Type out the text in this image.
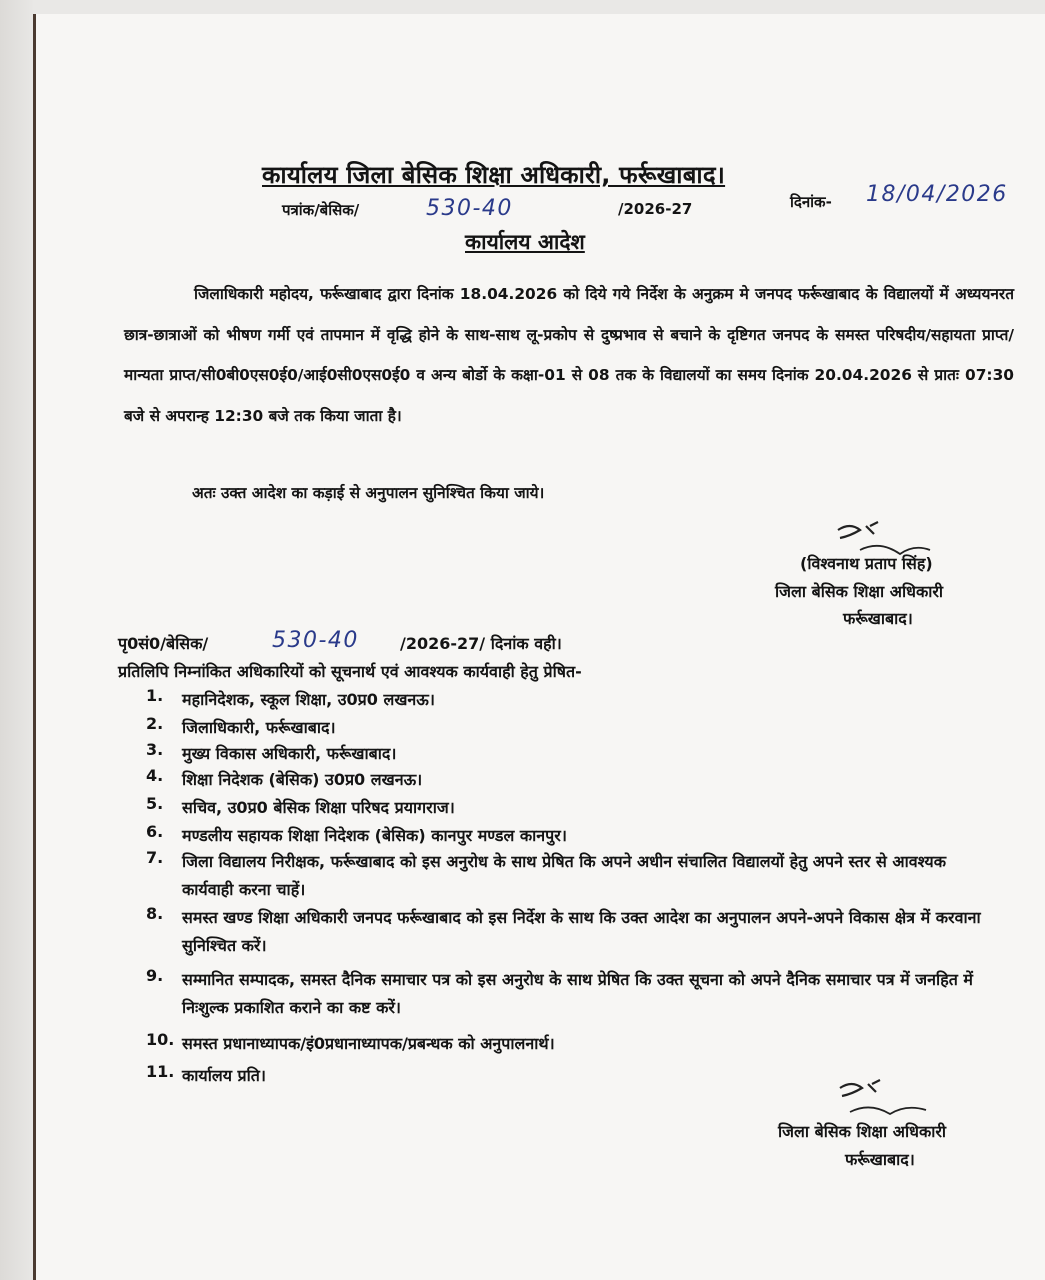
कार्यालय जिला बेसिक शिक्षा अधिकारी, फर्रूखाबाद।
पत्रांक/बेसिक/	530-40	/2026-27	दिनांक- 18/04/2026
कार्यालय आदेश
जिलाधिकारी महोदय, फर्रूखाबाद द्वारा दिनांक 18.04.2026 को दिये गये निर्देश के अनुक्रम मे जनपद फर्रूखाबाद के विद्यालयों में अध्ययनरत छात्र-छात्राओं को भीषण गर्मी एवं तापमान में वृद्धि होने के साथ-साथ लू-प्रकोप से दुष्प्रभाव से बचाने के दृष्टिगत जनपद के समस्त परिषदीय/सहायता प्राप्त/मान्यता प्राप्त/सी0बी0एस0ई0/आई0सी0एस0ई0 व अन्य बोर्डो के कक्षा-01 से 08 तक के विद्यालयों का समय दिनांक 20.04.2026 से प्रातः 07:30 बजे से अपरान्ह 12:30 बजे तक किया जाता है।
अतः उक्त आदेश का कड़ाई से अनुपालन सुनिश्चित किया जाये।
(विश्वनाथ प्रताप सिंह)
जिला बेसिक शिक्षा अधिकारी
फर्रूखाबाद।
पृ0सं0/बेसिक/	530-40	/2026-27/ दिनांक वही।
प्रतिलिपि निम्नांकित अधिकारियों को सूचनार्थ एवं आवश्यक कार्यवाही हेतु प्रेषित-
1.	महानिदेशक, स्कूल शिक्षा, उ0प्र0 लखनऊ।
2.	जिलाधिकारी, फर्रूखाबाद।
3.	मुख्य विकास अधिकारी, फर्रूखाबाद।
4.	शिक्षा निदेशक (बेसिक) उ0प्र0 लखनऊ।
5.	सचिव, उ0प्र0 बेसिक शिक्षा परिषद प्रयागराज।
6.	मण्डलीय सहायक शिक्षा निदेशक (बेसिक) कानपुर मण्डल कानपुर।
7.	जिला विद्यालय निरीक्षक, फर्रूखाबाद को इस अनुरोध के साथ प्रेषित कि अपने अधीन संचालित विद्यालयों हेतु अपने स्तर से आवश्यक कार्यवाही करना चाहें।
8.	समस्त खण्ड शिक्षा अधिकारी जनपद फर्रूखाबाद को इस निर्देश के साथ कि उक्त आदेश का अनुपालन अपने-अपने विकास क्षेत्र में करवाना सुनिश्चित करें।
9.	सम्मानित सम्पादक, समस्त दैनिक समाचार पत्र को इस अनुरोध के साथ प्रेषित कि उक्त सूचना को अपने दैनिक समाचार पत्र में जनहित में निःशुल्क प्रकाशित कराने का कष्ट करें।
10. समस्त प्रधानाध्यापक/इं0प्रधानाध्यापक/प्रबन्धक को अनुपालनार्थ।
11. कार्यालय प्रति।
जिला बेसिक शिक्षा अधिकारी
फर्रूखाबाद।
